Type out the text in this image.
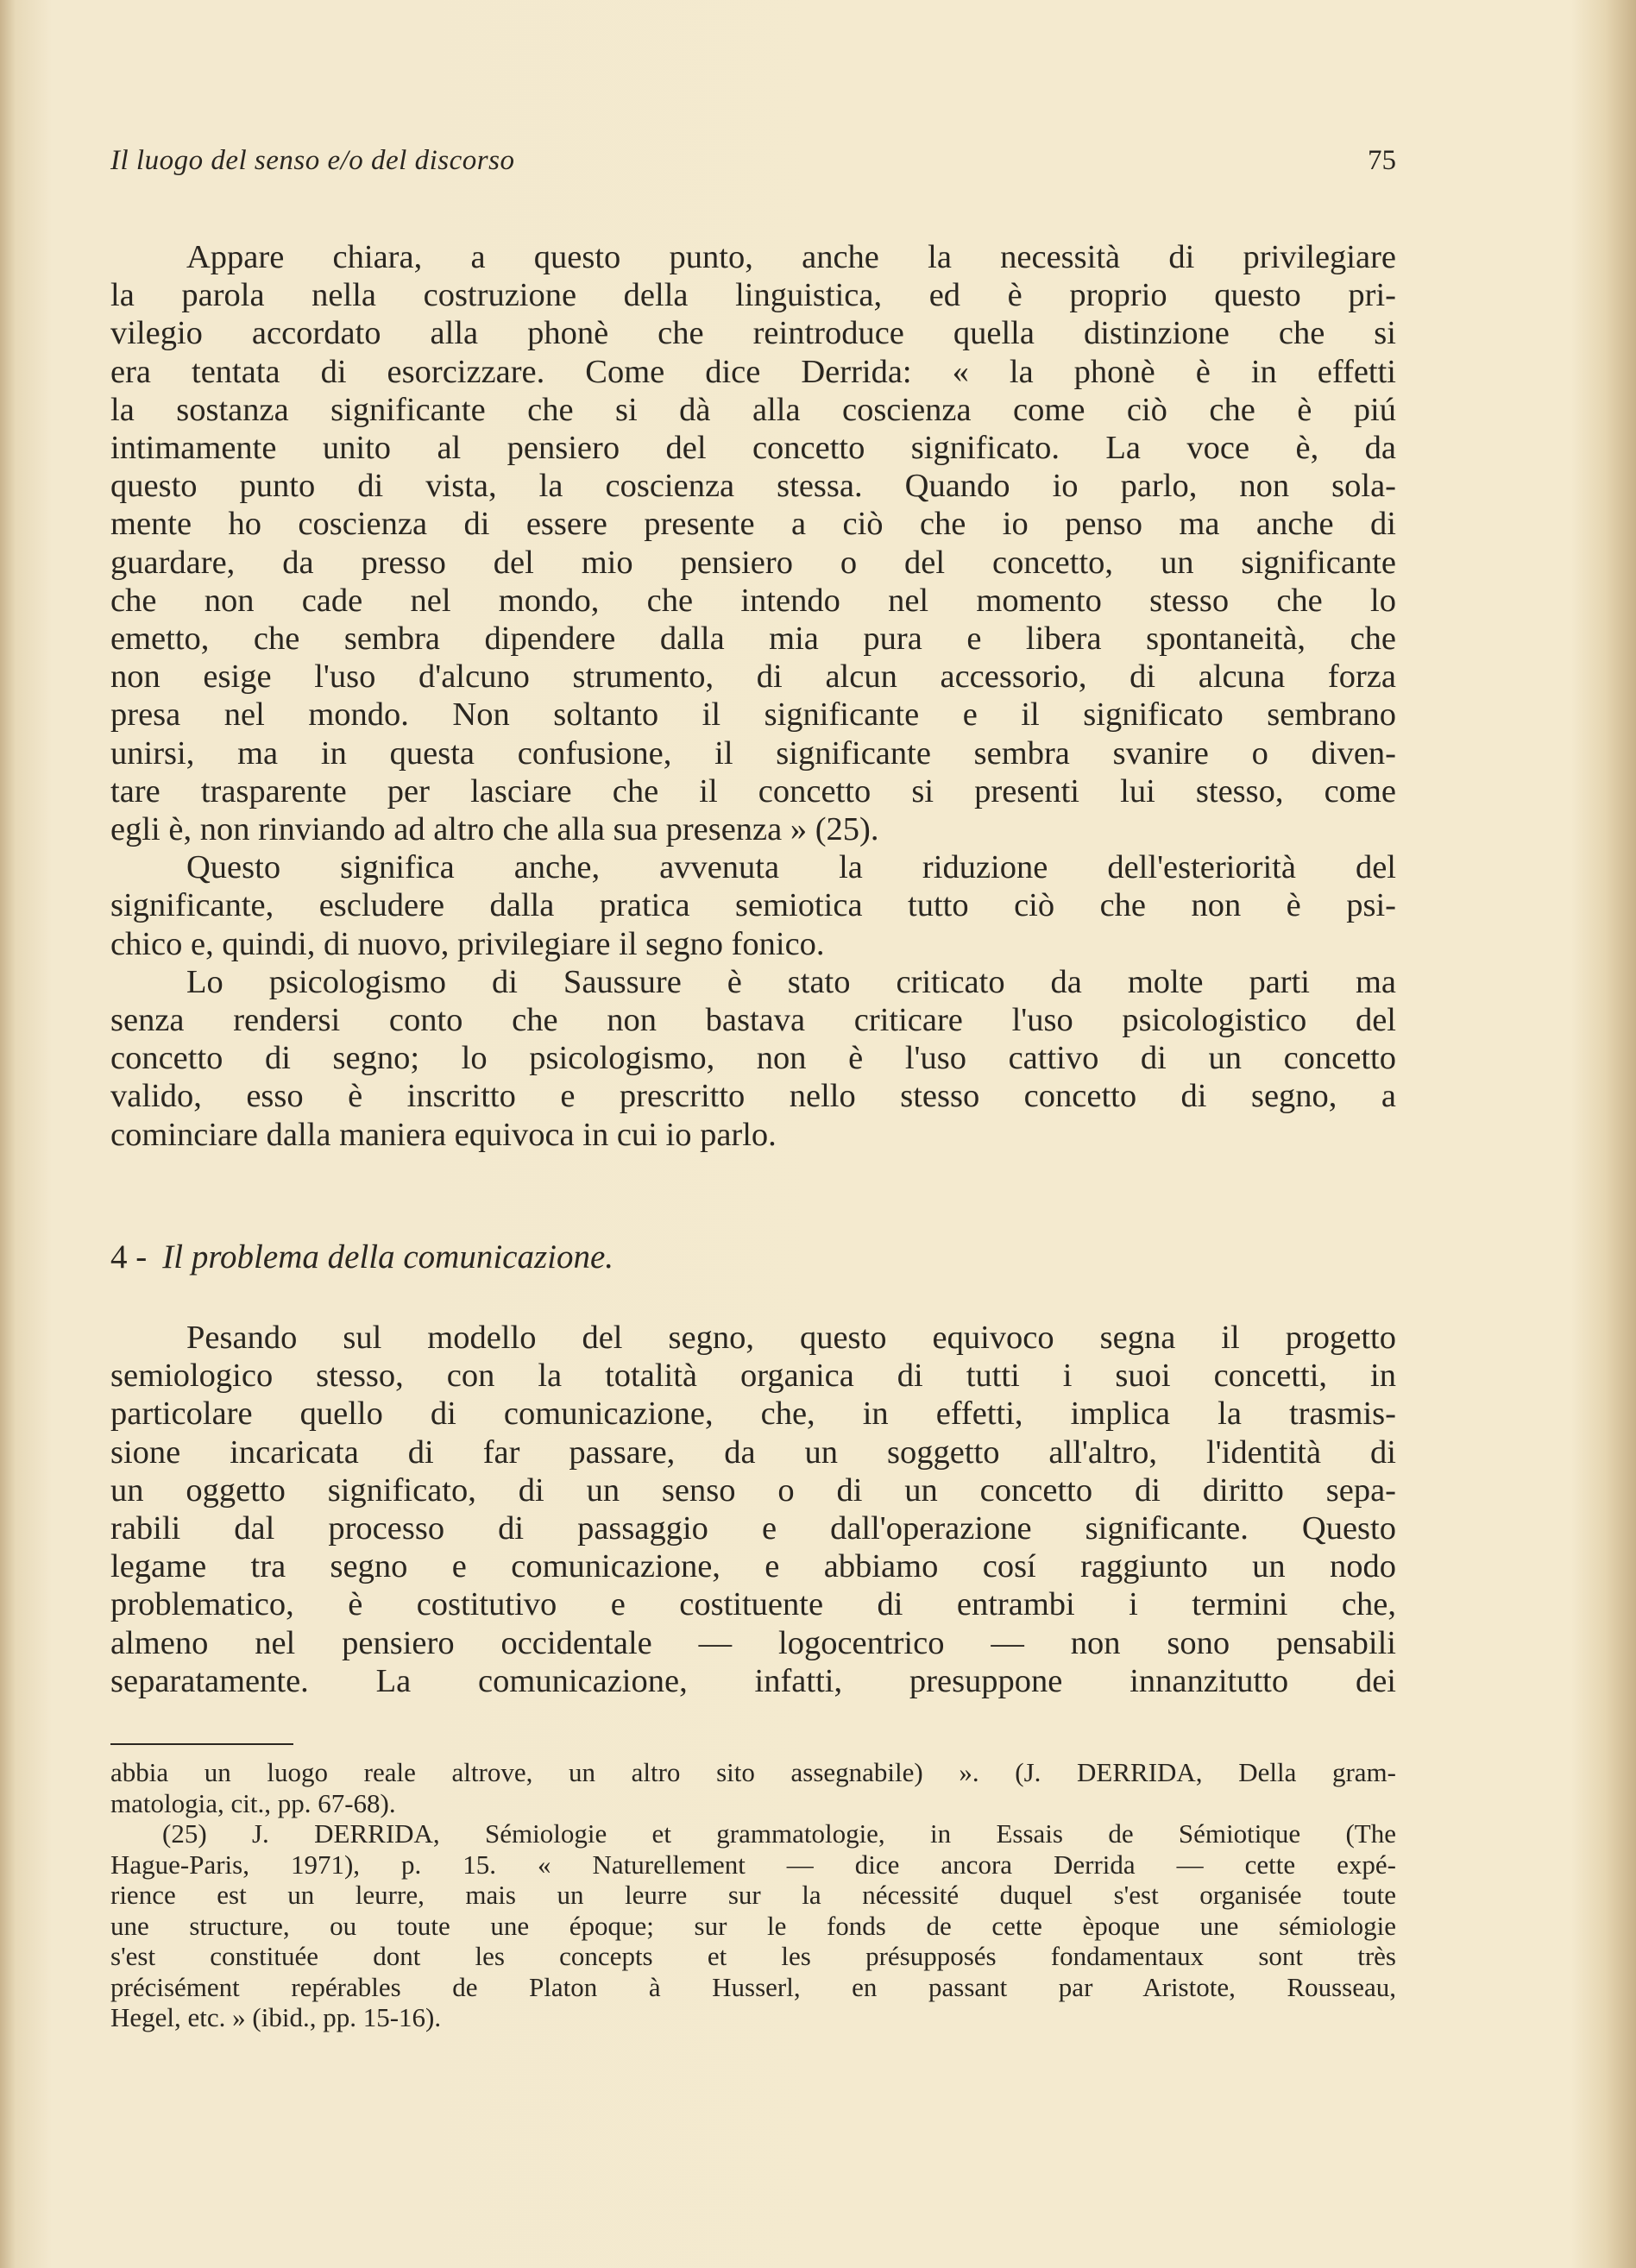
Il luogo del senso e/o del discorso	75
Appare chiara, a questo punto, anche la necessità di privilegiare
la parola nella costruzione della linguistica, ed è proprio questo pri-
vilegio accordato alla phonè che reintroduce quella distinzione che si
era tentata di esorcizzare. Come dice Derrida: « la phonè è in effetti
la sostanza significante che si dà alla coscienza come ciò che è piú
intimamente unito al pensiero del concetto significato. La voce è, da
questo punto di vista, la coscienza stessa. Quando io parlo, non sola-
mente ho coscienza di essere presente a ciò che io penso ma anche di
guardare, da presso del mio pensiero o del concetto, un significante
che non cade nel mondo, che intendo nel momento stesso che lo
emetto, che sembra dipendere dalla mia pura e libera spontaneità, che
non esige l'uso d'alcuno strumento, di alcun accessorio, di alcuna forza
presa nel mondo. Non soltanto il significante e il significato sembrano
unirsi, ma in questa confusione, il significante sembra svanire o diven-
tare trasparente per lasciare che il concetto si presenti lui stesso, come
egli è, non rinviando ad altro che alla sua presenza » (25).
Questo significa anche, avvenuta la riduzione dell'esteriorità del
significante, escludere dalla pratica semiotica tutto ciò che non è psi-
chico e, quindi, di nuovo, privilegiare il segno fonico.
Lo psicologismo di Saussure è stato criticato da molte parti ma
senza rendersi conto che non bastava criticare l'uso psicologistico del
concetto di segno; lo psicologismo, non è l'uso cattivo di un concetto
valido, esso è inscritto e prescritto nello stesso concetto di segno, a
cominciare dalla maniera equivoca in cui io parlo.
4 - Il problema della comunicazione.
Pesando sul modello del segno, questo equivoco segna il progetto
semiologico stesso, con la totalità organica di tutti i suoi concetti, in
particolare quello di comunicazione, che, in effetti, implica la trasmis-
sione incaricata di far passare, da un soggetto all'altro, l'identità di
un oggetto significato, di un senso o di un concetto di diritto sepa-
rabili dal processo di passaggio e dall'operazione significante. Questo
legame tra segno e comunicazione, e abbiamo cosí raggiunto un nodo
problematico, è costitutivo e costituente di entrambi i termini che,
almeno nel pensiero occidentale — logocentrico — non sono pensabili
separatamente. La comunicazione, infatti, presuppone innanzitutto dei
abbia un luogo reale altrove, un altro sito assegnabile) ». (J. DERRIDA, Della gram-
matologia, cit., pp. 67-68).
(25) J. DERRIDA, Sémiologie et grammatologie, in Essais de Sémiotique (The
Hague-Paris, 1971), p. 15. « Naturellement — dice ancora Derrida — cette expé-
rience est un leurre, mais un leurre sur la nécessité duquel s'est organisée toute
une structure, ou toute une époque; sur le fonds de cette èpoque une sémiologie
s'est constituée dont les concepts et les présupposés fondamentaux sont très
précisément repérables de Platon à Husserl, en passant par Aristote, Rousseau,
Hegel, etc. » (ibid., pp. 15-16).
